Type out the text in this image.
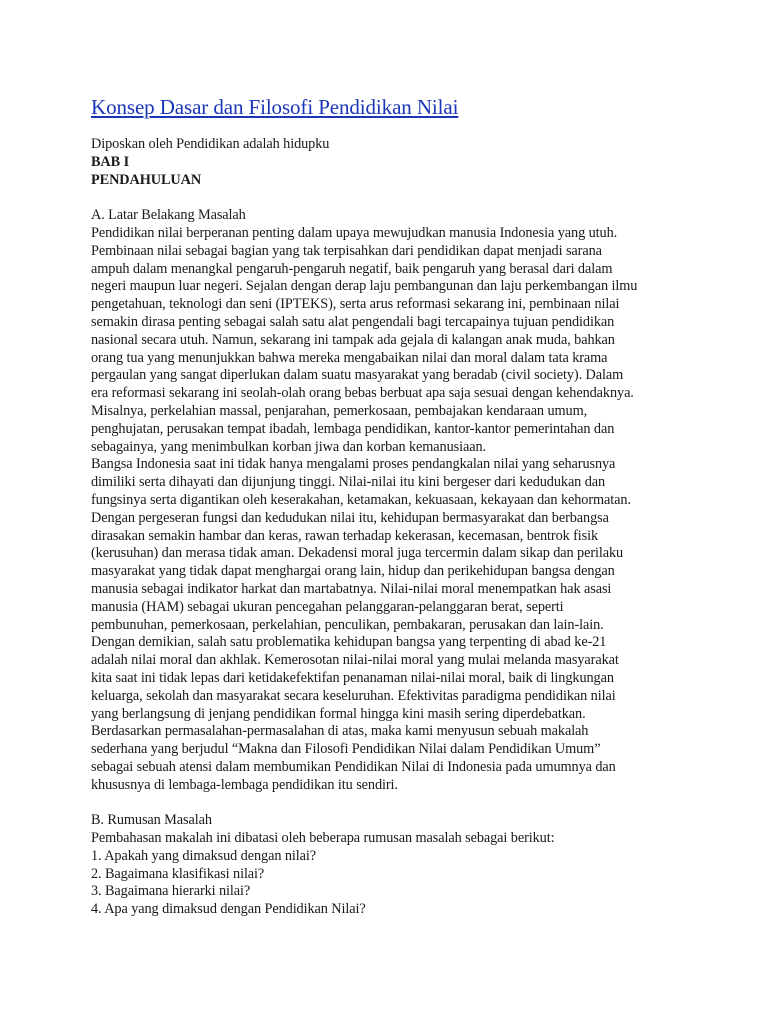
Konsep Dasar dan Filosofi Pendidikan Nilai
Diposkan oleh Pendidikan adalah hidupku
BAB I
PENDAHULUAN
A. Latar Belakang Masalah
Pendidikan nilai berperanan penting dalam upaya mewujudkan manusia Indonesia yang utuh.
Pembinaan nilai sebagai bagian yang tak terpisahkan dari pendidikan dapat menjadi sarana
ampuh dalam menangkal pengaruh-pengaruh negatif, baik pengaruh yang berasal dari dalam
negeri maupun luar negeri. Sejalan dengan derap laju pembangunan dan laju perkembangan ilmu
pengetahuan, teknologi dan seni (IPTEKS), serta arus reformasi sekarang ini, pembinaan nilai
semakin dirasa penting sebagai salah satu alat pengendali bagi tercapainya tujuan pendidikan
nasional secara utuh. Namun, sekarang ini tampak ada gejala di kalangan anak muda, bahkan
orang tua yang menunjukkan bahwa mereka mengabaikan nilai dan moral dalam tata krama
pergaulan yang sangat diperlukan dalam suatu masyarakat yang beradab (civil society). Dalam
era reformasi sekarang ini seolah-olah orang bebas berbuat apa saja sesuai dengan kehendaknya.
Misalnya, perkelahian massal, penjarahan, pemerkosaan, pembajakan kendaraan umum,
penghujatan, perusakan tempat ibadah, lembaga pendidikan, kantor-kantor pemerintahan dan
sebagainya, yang menimbulkan korban jiwa dan korban kemanusiaan.
Bangsa Indonesia saat ini tidak hanya mengalami proses pendangkalan nilai yang seharusnya
dimiliki serta dihayati dan dijunjung tinggi. Nilai-nilai itu kini bergeser dari kedudukan dan
fungsinya serta digantikan oleh keserakahan, ketamakan, kekuasaan, kekayaan dan kehormatan.
Dengan pergeseran fungsi dan kedudukan nilai itu, kehidupan bermasyarakat dan berbangsa
dirasakan semakin hambar dan keras, rawan terhadap kekerasan, kecemasan, bentrok fisik
(kerusuhan) dan merasa tidak aman. Dekadensi moral juga tercermin dalam sikap dan perilaku
masyarakat yang tidak dapat menghargai orang lain, hidup dan perikehidupan bangsa dengan
manusia sebagai indikator harkat dan martabatnya. Nilai-nilai moral menempatkan hak asasi
manusia (HAM) sebagai ukuran pencegahan pelanggaran-pelanggaran berat, seperti
pembunuhan, pemerkosaan, perkelahian, penculikan, pembakaran, perusakan dan lain-lain.
Dengan demikian, salah satu problematika kehidupan bangsa yang terpenting di abad ke-21
adalah nilai moral dan akhlak. Kemerosotan nilai-nilai moral yang mulai melanda masyarakat
kita saat ini tidak lepas dari ketidakefektifan penanaman nilai-nilai moral, baik di lingkungan
keluarga, sekolah dan masyarakat secara keseluruhan. Efektivitas paradigma pendidikan nilai
yang berlangsung di jenjang pendidikan formal hingga kini masih sering diperdebatkan.
Berdasarkan permasalahan-permasalahan di atas, maka kami menyusun sebuah makalah
sederhana yang berjudul “Makna dan Filosofi Pendidikan Nilai dalam Pendidikan Umum”
sebagai sebuah atensi dalam membumikan Pendidikan Nilai di Indonesia pada umumnya dan
khususnya di lembaga-lembaga pendidikan itu sendiri.
B. Rumusan Masalah
Pembahasan makalah ini dibatasi oleh beberapa rumusan masalah sebagai berikut:
1. Apakah yang dimaksud dengan nilai?
2. Bagaimana klasifikasi nilai?
3. Bagaimana hierarki nilai?
4. Apa yang dimaksud dengan Pendidikan Nilai?
